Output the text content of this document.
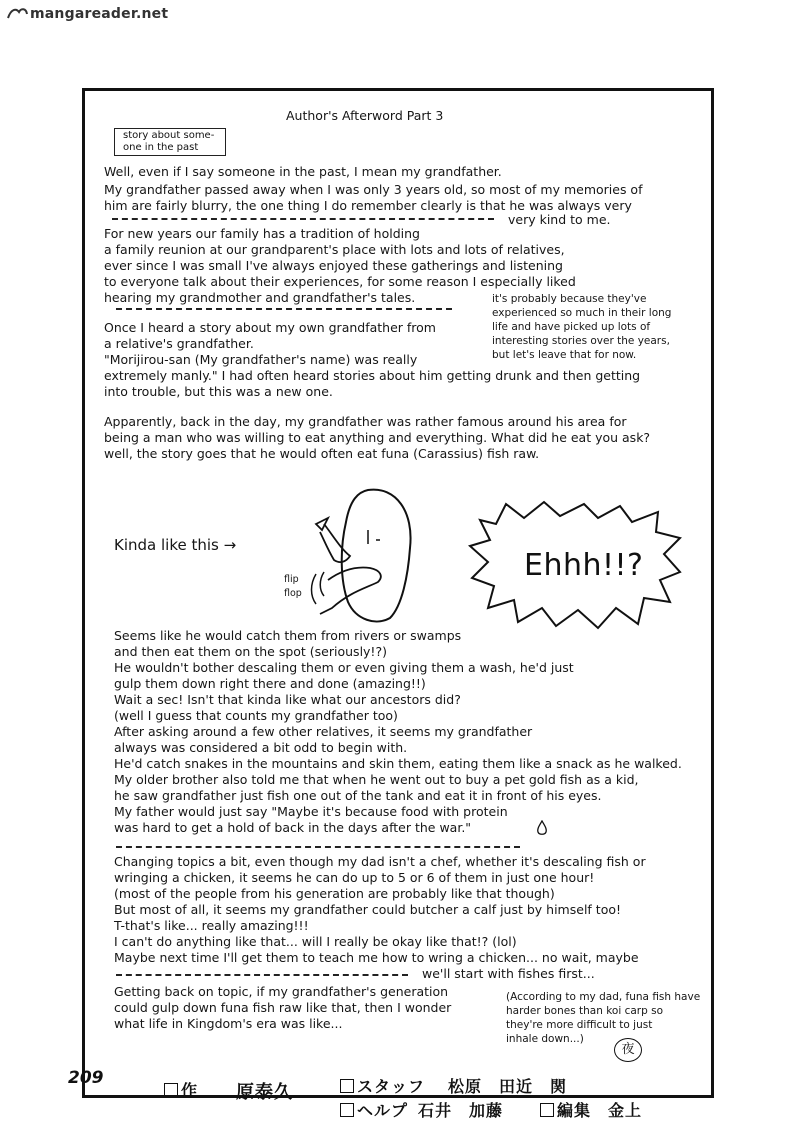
mangareader.net
Author's Afterword Part 3
story about some-
one in the past
Well, even if I say someone in the past, I mean my grandfather.
My grandfather passed away when I was only 3 years old, so most of my memories of
him are fairly blurry, the one thing I do remember clearly is that he was always very
very kind to me.
For new years our family has a tradition of holding
a family reunion at our grandparent's place with lots and lots of relatives,
ever since I was small I've always enjoyed these gatherings and listening
to everyone talk about their experiences, for some reason I especially liked
hearing my grandmother and grandfather's tales.	it's probably because they've
experienced so much in their long
life and have picked up lots of
interesting stories over the years,
but let's leave that for now.
Once I heard a story about my own grandfather from
a relative's grandfather.
"Morijirou-san (My grandfather's name) was really
extremely manly." I had often heard stories about him getting drunk and then getting
into trouble, but this was a new one.
Apparently, back in the day, my grandfather was rather famous around his area for
being a man who was willing to eat anything and everything. What did he eat you ask?
well, the story goes that he would often eat funa (Carassius) fish raw.
Kinda like this →
flip
flop
Ehhh!!?
Seems like he would catch them from rivers or swamps
and then eat them on the spot (seriously!?)
He wouldn't bother descaling them or even giving them a wash, he'd just
gulp them down right there and done (amazing!!)
Wait a sec! Isn't that kinda like what our ancestors did?
(well I guess that counts my grandfather too)
After asking around a few other relatives, it seems my grandfather
always was considered a bit odd to begin with.
He'd catch snakes in the mountains and skin them, eating them like a snack as he walked.
My older brother also told me that when he went out to buy a pet gold fish as a kid,
he saw grandfather just fish one out of the tank and eat it in front of his eyes.
My father would just say "Maybe it's because food with protein
was hard to get a hold of back in the days after the war."
Changing topics a bit, even though my dad isn't a chef, whether it's descaling fish or
wringing a chicken, it seems he can do up to 5 or 6 of them in just one hour!
(most of the people from his generation are probably like that though)
But most of all, it seems my grandfather could butcher a calf just by himself too!
T-that's like... really amazing!!!
I can't do anything like that... will I really be okay like that!? (lol)
Maybe next time I'll get them to teach me how to wring a chicken... no wait, maybe
we'll start with fishes first...
Getting back on topic, if my grandfather's generation
could gulp down funa fish raw like that, then I wonder
what life in Kingdom's era was like...
(According to my dad, funa fish have
harder bones than koi carp so
they're more difficult to just
inhale down...)
夜
209
作 原泰久	スタッフ 松原　田近　関
ヘルプ 石井　加藤	編集 金上
